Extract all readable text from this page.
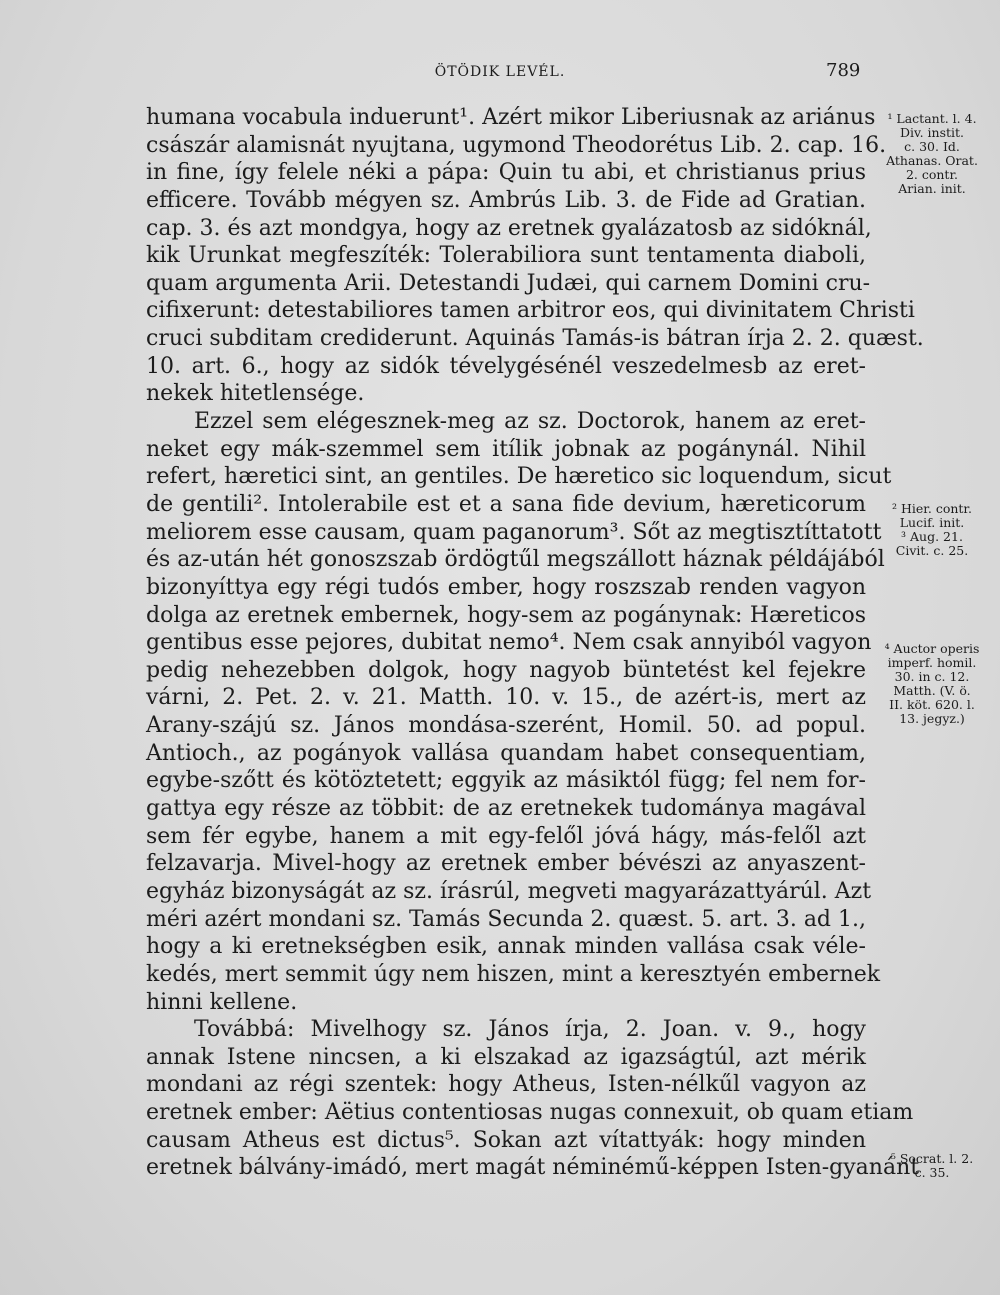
ÖTÖDIK LEVÉL.	789
humana vocabula induerunt¹. Azért mikor Liberiusnak az ariánus
császár alamisnát nyujtana, ugymond Theodorétus Lib. 2. cap. 16.
in fine, így felele néki a pápa: Quin tu abi, et christianus prius
efficere. Tovább mégyen sz. Ambrús Lib. 3. de Fide ad Gratian.
cap. 3. és azt mondgya, hogy az eretnek gyalázatosb az sidóknál,
kik Urunkat megfeszíték: Tolerabiliora sunt tentamenta diaboli,
quam argumenta Arii. Detestandi Judæi, qui carnem Domini cru-
cifixerunt: detestabiliores tamen arbitror eos, qui divinitatem Christi
cruci subditam crediderunt. Aquinás Tamás-is bátran írja 2. 2. quæst.
10. art. 6., hogy az sidók tévelygésénél veszedelmesb az eret-
nekek hitetlensége.
Ezzel sem elégesznek-meg az sz. Doctorok, hanem az eret-
neket egy mák-szemmel sem itílik jobnak az pogánynál. Nihil
refert, hæretici sint, an gentiles. De hæretico sic loquendum, sicut
de gentili². Intolerabile est et a sana fide devium, hæreticorum
meliorem esse causam, quam paganorum³. Sőt az megtisztíttatott
és az-után hét gonoszszab ördögtűl megszállott háznak példájából
bizonyíttya egy régi tudós ember, hogy roszszab renden vagyon
dolga az eretnek embernek, hogy-sem az pogánynak: Hæreticos
gentibus esse pejores, dubitat nemo⁴. Nem csak annyiból vagyon
pedig nehezebben dolgok, hogy nagyob büntetést kel fejekre
várni, 2. Pet. 2. v. 21. Matth. 10. v. 15., de azért-is, mert az
Arany-szájú sz. János mondása-szerént, Homil. 50. ad popul.
Antioch., az pogányok vallása quandam habet consequentiam,
egybe-szőtt és kötöztetett; eggyik az másiktól függ; fel nem for-
gattya egy része az többit: de az eretnekek tudománya magával
sem fér egybe, hanem a mit egy-felől jóvá hágy, más-felől azt
felzavarja. Mivel-hogy az eretnek ember bévészi az anyaszent-
egyház bizonyságát az sz. írásrúl, megveti magyarázattyárúl. Azt
méri azért mondani sz. Tamás Secunda 2. quæst. 5. art. 3. ad 1.,
hogy a ki eretnekségben esik, annak minden vallása csak véle-
kedés, mert semmit úgy nem hiszen, mint a keresztyén embernek
hinni kellene.
Továbbá: Mivelhogy sz. János írja, 2. Joan. v. 9., hogy
annak Istene nincsen, a ki elszakad az igazságtúl, azt mérik
mondani az régi szentek: hogy Atheus, Isten-nélkűl vagyon az
eretnek ember: Aëtius contentiosas nugas connexuit, ob quam etiam
causam Atheus est dictus⁵. Sokan azt vítattyák: hogy minden
eretnek bálvány-imádó, mert magát néminémű-képpen Isten-gyanánt
¹ Lactant. l. 4.
Div. instit.
c. 30. Id.
Athanas. Orat.
2. contr.
Arian. init.
² Hier. contr.
Lucif. init.
³ Aug. 21.
Civit. c. 25.
⁴ Auctor operis
imperf. homil.
30. in c. 12.
Matth. (V. ö.
II. köt. 620. l.
13. jegyz.)
⁵ Socrat. l. 2.
c. 35.
